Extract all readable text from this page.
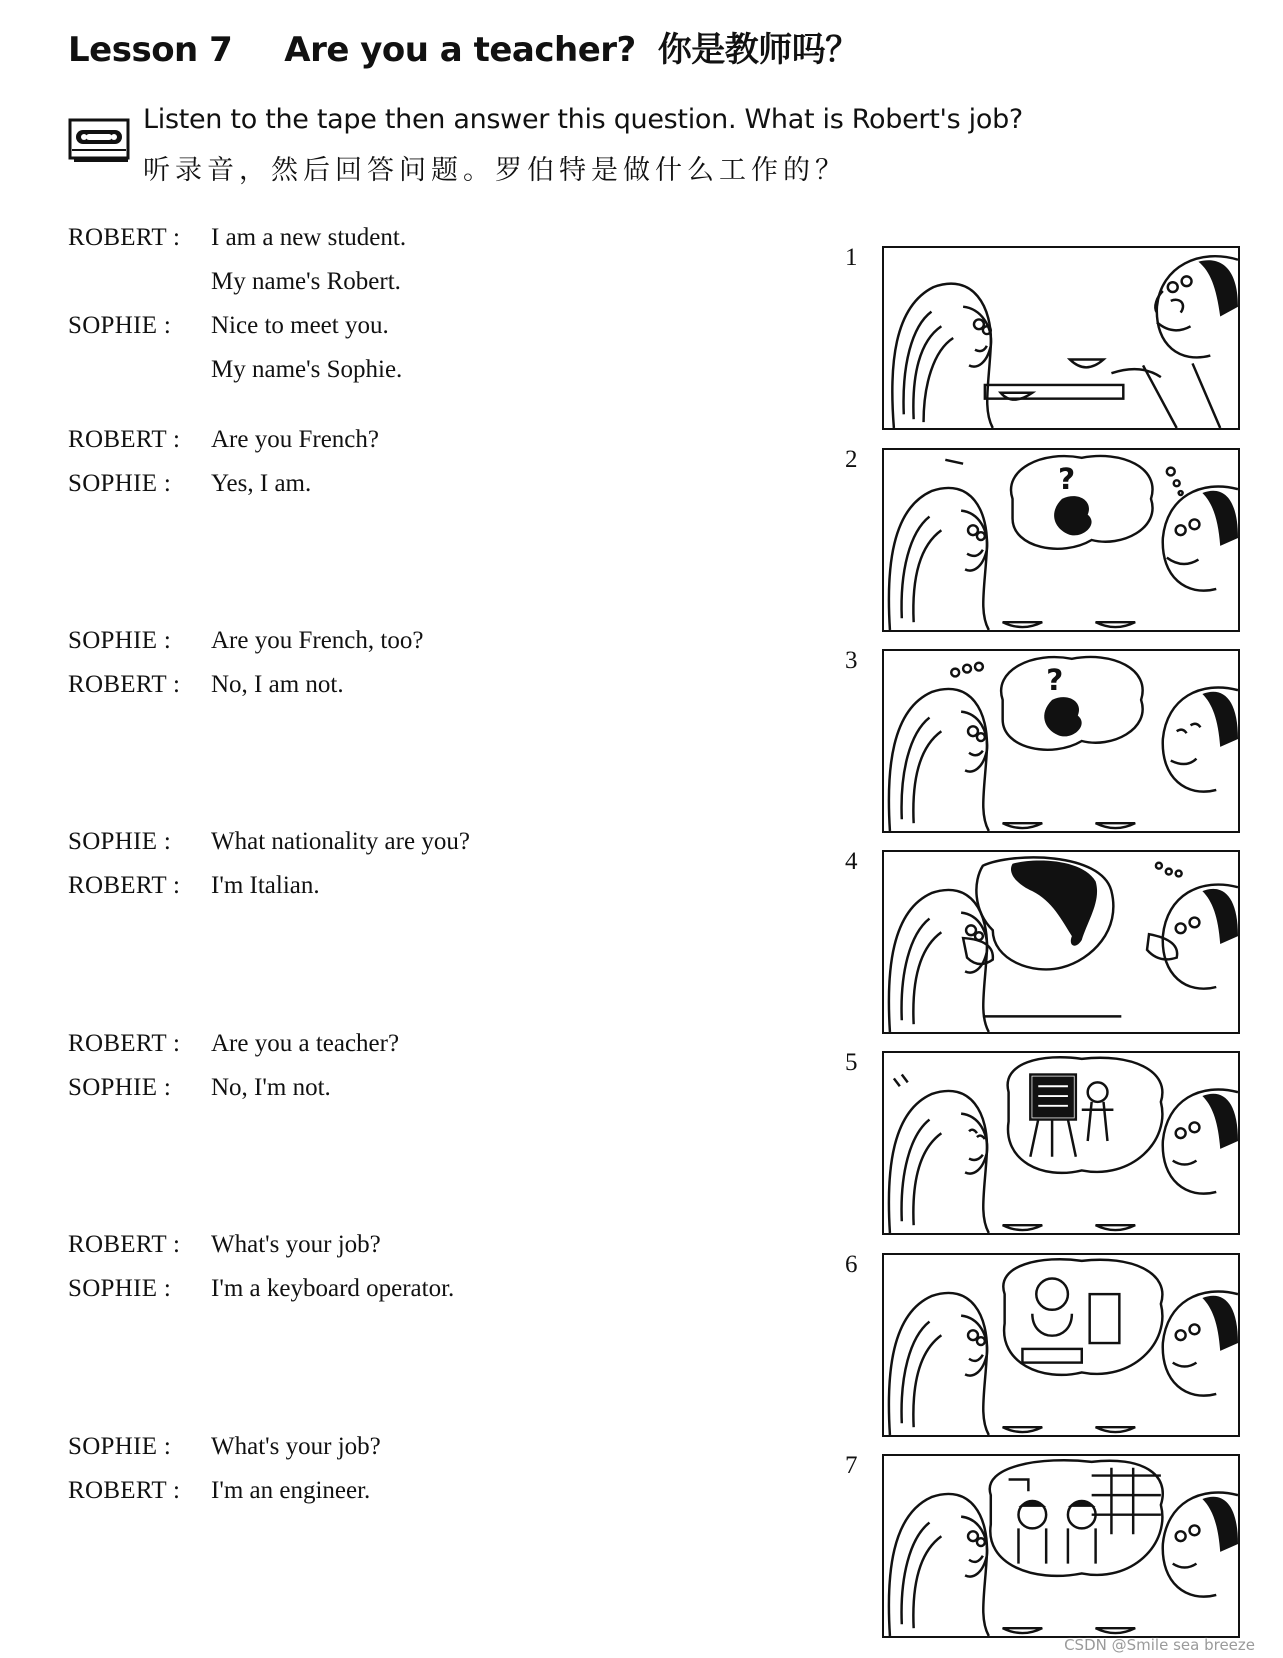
Lesson 7 Are you a teacher? 你是教师吗？
Listen to the tape then answer this question. What is Robert's job?
听录音，然后回答问题。罗伯特是做什么工作的？
ROBERT :	I am a new student.
My name's Robert.
SOPHIE :	Nice to meet you.
My name's Sophie.
ROBERT :	Are you French?
SOPHIE :	Yes, I am.
SOPHIE :	Are you French, too?
ROBERT :	No, I am not.
SOPHIE :	What nationality are you?
ROBERT :	I'm Italian.
ROBERT :	Are you a teacher?
SOPHIE :	No, I'm not.
ROBERT :	What's your job?
SOPHIE :	I'm a keyboard operator.
SOPHIE :	What's your job?
ROBERT :	I'm an engineer.
1
2
3
4
5
6
7
?
?
CSDN @Smile sea breeze
